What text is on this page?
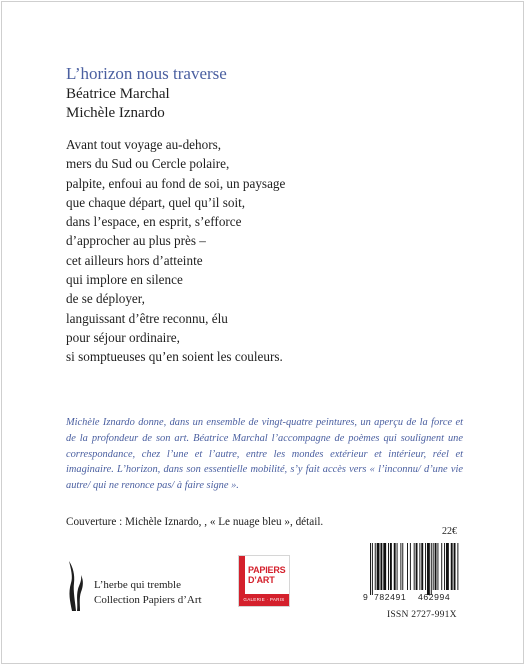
L’horizon nous traverse
Béatrice Marchal
Michèle Iznardo
Avant tout voyage au-dehors,
mers du Sud ou Cercle polaire,
palpite, enfoui au fond de soi, un paysage
que chaque départ, quel qu’il soit,
dans l’espace, en esprit, s’efforce
d’approcher au plus près –
cet ailleurs hors d’atteinte
qui implore en silence
de se déployer,
languissant d’être reconnu, élu
pour séjour ordinaire,
si somptueuses qu’en soient les couleurs.
Michèle Iznardo donne, dans un ensemble de vingt-quatre peintures, un aperçu de la force et de la profondeur de son art. Béatrice Marchal l’accompagne de poèmes qui soulignent une correspondance, chez l’une et l’autre, entre les mondes extérieur et intérieur, réel et imaginaire. L’horizon, dans son essentielle mobilité, s’y fait accès vers « l’inconnu/ d’une vie autre/ qui ne renonce pas/ à faire signe ».
Couverture : Michèle Iznardo, , « Le nuage bleu », détail.
22€
L’herbe qui tremble
Collection Papiers d’Art
PAPIERS
D’ART
GALERIE · PARIS	9 782491 462994
ISSN 2727-991X
